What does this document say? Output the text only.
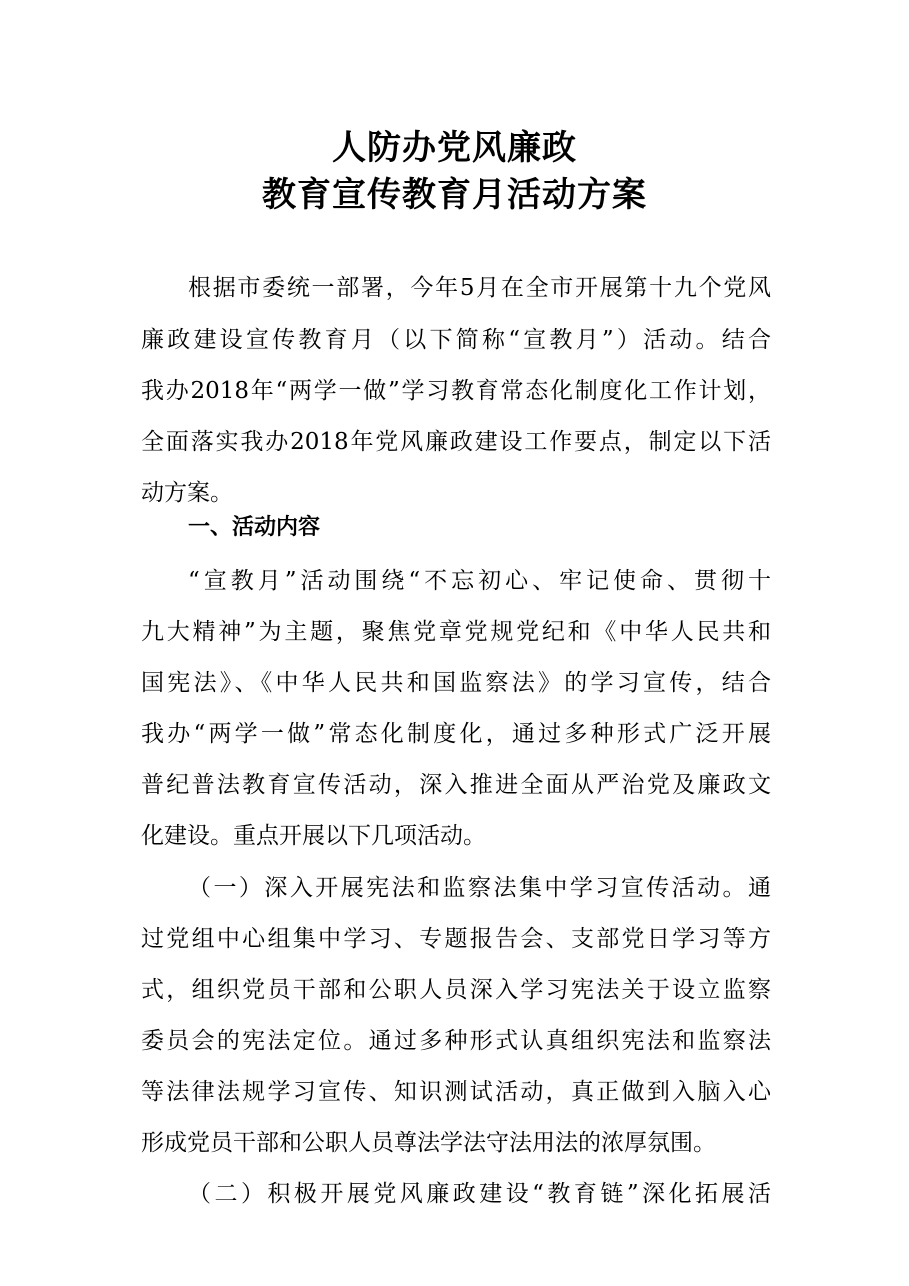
人防办党风廉政
教育宣传教育月活动方案
根据市委统一部署，今年5月在全市开展第十九个党风
廉政建设宣传教育月（以下简称“宣教月”）活动。结合
我办2018年“两学一做”学习教育常态化制度化工作计划，
全面落实我办2018年党风廉政建设工作要点，制定以下活
动方案。
一、活动内容
“宣教月”活动围绕“不忘初心、牢记使命、贯彻十
九大精神”为主题，聚焦党章党规党纪和《中华人民共和
国宪法》、《中华人民共和国监察法》的学习宣传，结合
我办“两学一做”常态化制度化，通过多种形式广泛开展
普纪普法教育宣传活动，深入推进全面从严治党及廉政文
化建设。重点开展以下几项活动。
（一）深入开展宪法和监察法集中学习宣传活动。通
过党组中心组集中学习、专题报告会、支部党日学习等方
式，组织党员干部和公职人员深入学习宪法关于设立监察
委员会的宪法定位。通过多种形式认真组织宪法和监察法
等法律法规学习宣传、知识测试活动，真正做到入脑入心
形成党员干部和公职人员尊法学法守法用法的浓厚氛围。
（二）积极开展党风廉政建设“教育链”深化拓展活
